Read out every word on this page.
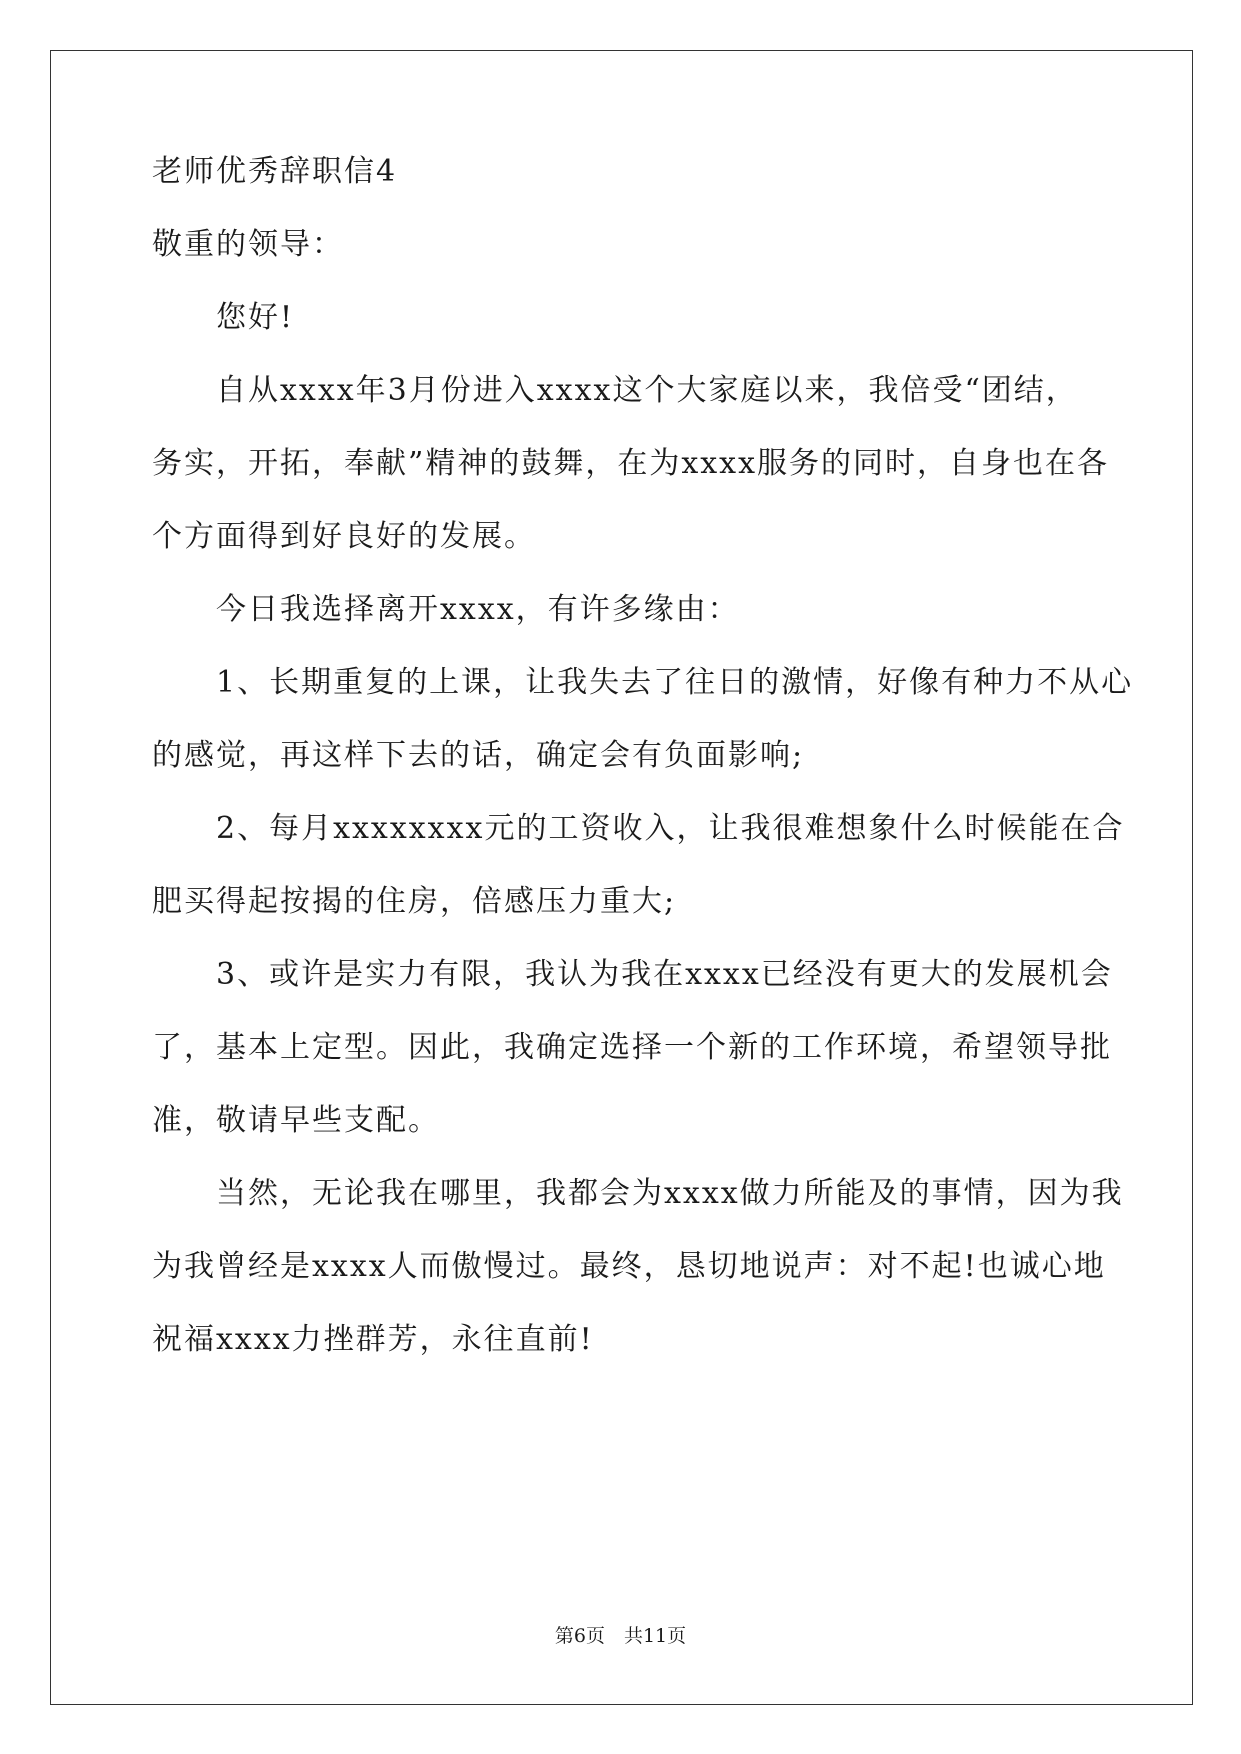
老师优秀辞职信4
敬重的领导：
　　您好!
　　自从xxxx年3月份进入xxxx这个大家庭以来，我倍受“团结，
务实，开拓，奉献”精神的鼓舞，在为xxxx服务的同时，自身也在各
个方面得到好良好的发展。
　　今日我选择离开xxxx，有许多缘由：
　　1、长期重复的上课，让我失去了往日的激情，好像有种力不从心
的感觉，再这样下去的话，确定会有负面影响;
　　2、每月xxxxxxxx元的工资收入，让我很难想象什么时候能在合
肥买得起按揭的住房，倍感压力重大;
　　3、或许是实力有限，我认为我在xxxx已经没有更大的发展机会
了，基本上定型。因此，我确定选择一个新的工作环境，希望领导批
准，敬请早些支配。
　　当然，无论我在哪里，我都会为xxxx做力所能及的事情，因为我
为我曾经是xxxx人而傲慢过。最终，恳切地说声：对不起!也诚心地
祝福xxxx力挫群芳，永往直前!
第6页　共11页
